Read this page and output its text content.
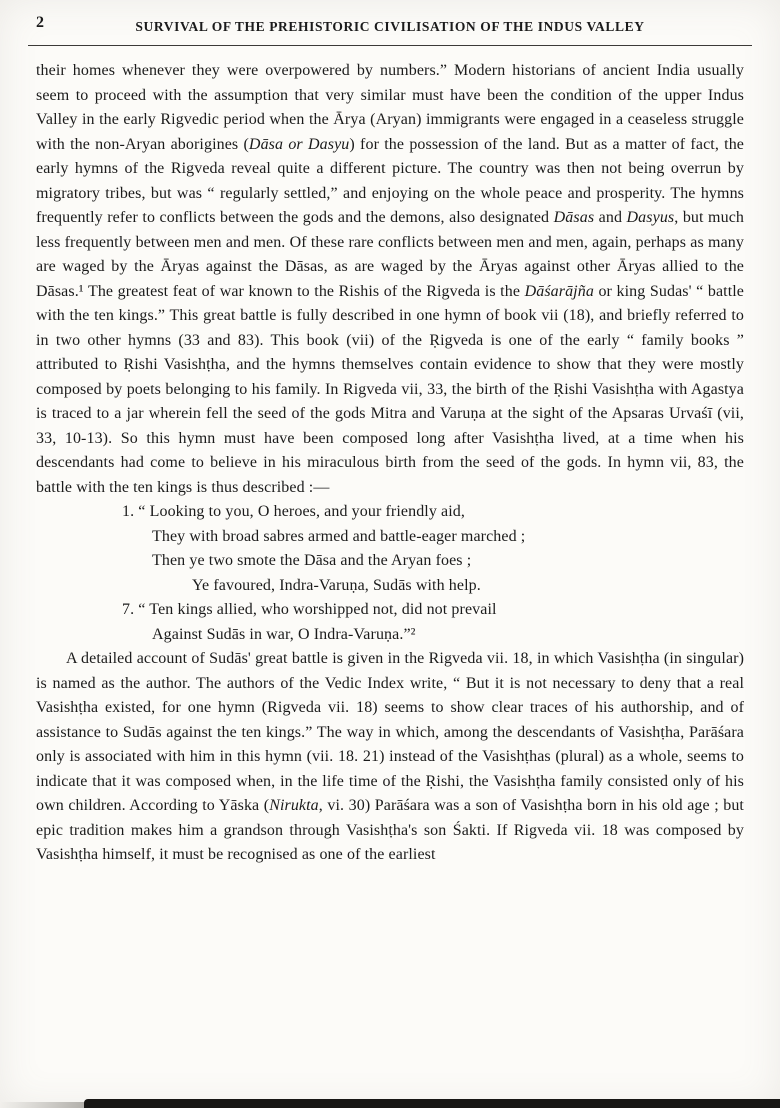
2	SURVIVAL OF THE PREHISTORIC CIVILISATION OF THE INDUS VALLEY

their homes whenever they were overpowered by numbers.” Modern historians of ancient India usually seem to proceed with the assumption that very similar must have been the condition of the upper Indus Valley in the early Rigvedic period when the Ārya (Aryan) immigrants were engaged in a ceaseless struggle with the non-Aryan aborigines (Dāsa or Dasyu) for the possession of the land. But as a matter of fact, the early hymns of the Rigveda reveal quite a different picture. The country was then not being overrun by migratory tribes, but was “ regularly settled,” and enjoying on the whole peace and prosperity. The hymns frequently refer to conflicts between the gods and the demons, also designated Dāsas and Dasyus, but much less frequently between men and men. Of these rare conflicts between men and men, again, perhaps as many are waged by the Āryas against the Dāsas, as are waged by the Āryas against other Āryas allied to the Dāsas.¹ The greatest feat of war known to the Rishis of the Rigveda is the Dāśarājña or king Sudas' “ battle with the ten kings.” This great battle is fully described in one hymn of book vii (18), and briefly referred to in two other hymns (33 and 83). This book (vii) of the Ṛigveda is one of the early “ family books ” attributed to Ṛishi Vasishṭha, and the hymns themselves contain evidence to show that they were mostly composed by poets belonging to his family. In Rigveda vii, 33, the birth of the Ṛishi Vasishṭha with Agastya is traced to a jar wherein fell the seed of the gods Mitra and Varuṇa at the sight of the Apsaras Urvaśī (vii, 33, 10-13). So this hymn must have been composed long after Vasishṭha lived, at a time when his descendants had come to believe in his miraculous birth from the seed of the gods. In hymn vii, 83, the battle with the ten kings is thus described :—

1. “ Looking to you, O heroes, and your friendly aid,
They with broad sabres armed and battle-eager marched ;
Then ye two smote the Dāsa and the Aryan foes ;
Ye favoured, Indra-Varuṇa, Sudās with help.
7. “ Ten kings allied, who worshipped not, did not prevail
Against Sudās in war, O Indra-Varuṇa.”²

A detailed account of Sudās' great battle is given in the Rigveda vii. 18, in which Vasishṭha (in singular) is named as the author. The authors of the Vedic Index write, “ But it is not necessary to deny that a real Vasishṭha existed, for one hymn (Rigveda vii. 18) seems to show clear traces of his authorship, and of assistance to Sudās against the ten kings.” The way in which, among the descendants of Vasishṭha, Parāśara only is associated with him in this hymn (vii. 18. 21) instead of the Vasishṭhas (plural) as a whole, seems to indicate that it was composed when, in the life time of the Ṛishi, the Vasishṭha family consisted only of his own children. According to Yāska (Nirukta, vi. 30) Parāśara was a son of Vasishṭha born in his old age ; but epic tradition makes him a grandson through Vasishṭha's son Śakti. If Rigveda vii. 18 was composed by Vasishṭha himself, it must be recognised as one of the earliest
